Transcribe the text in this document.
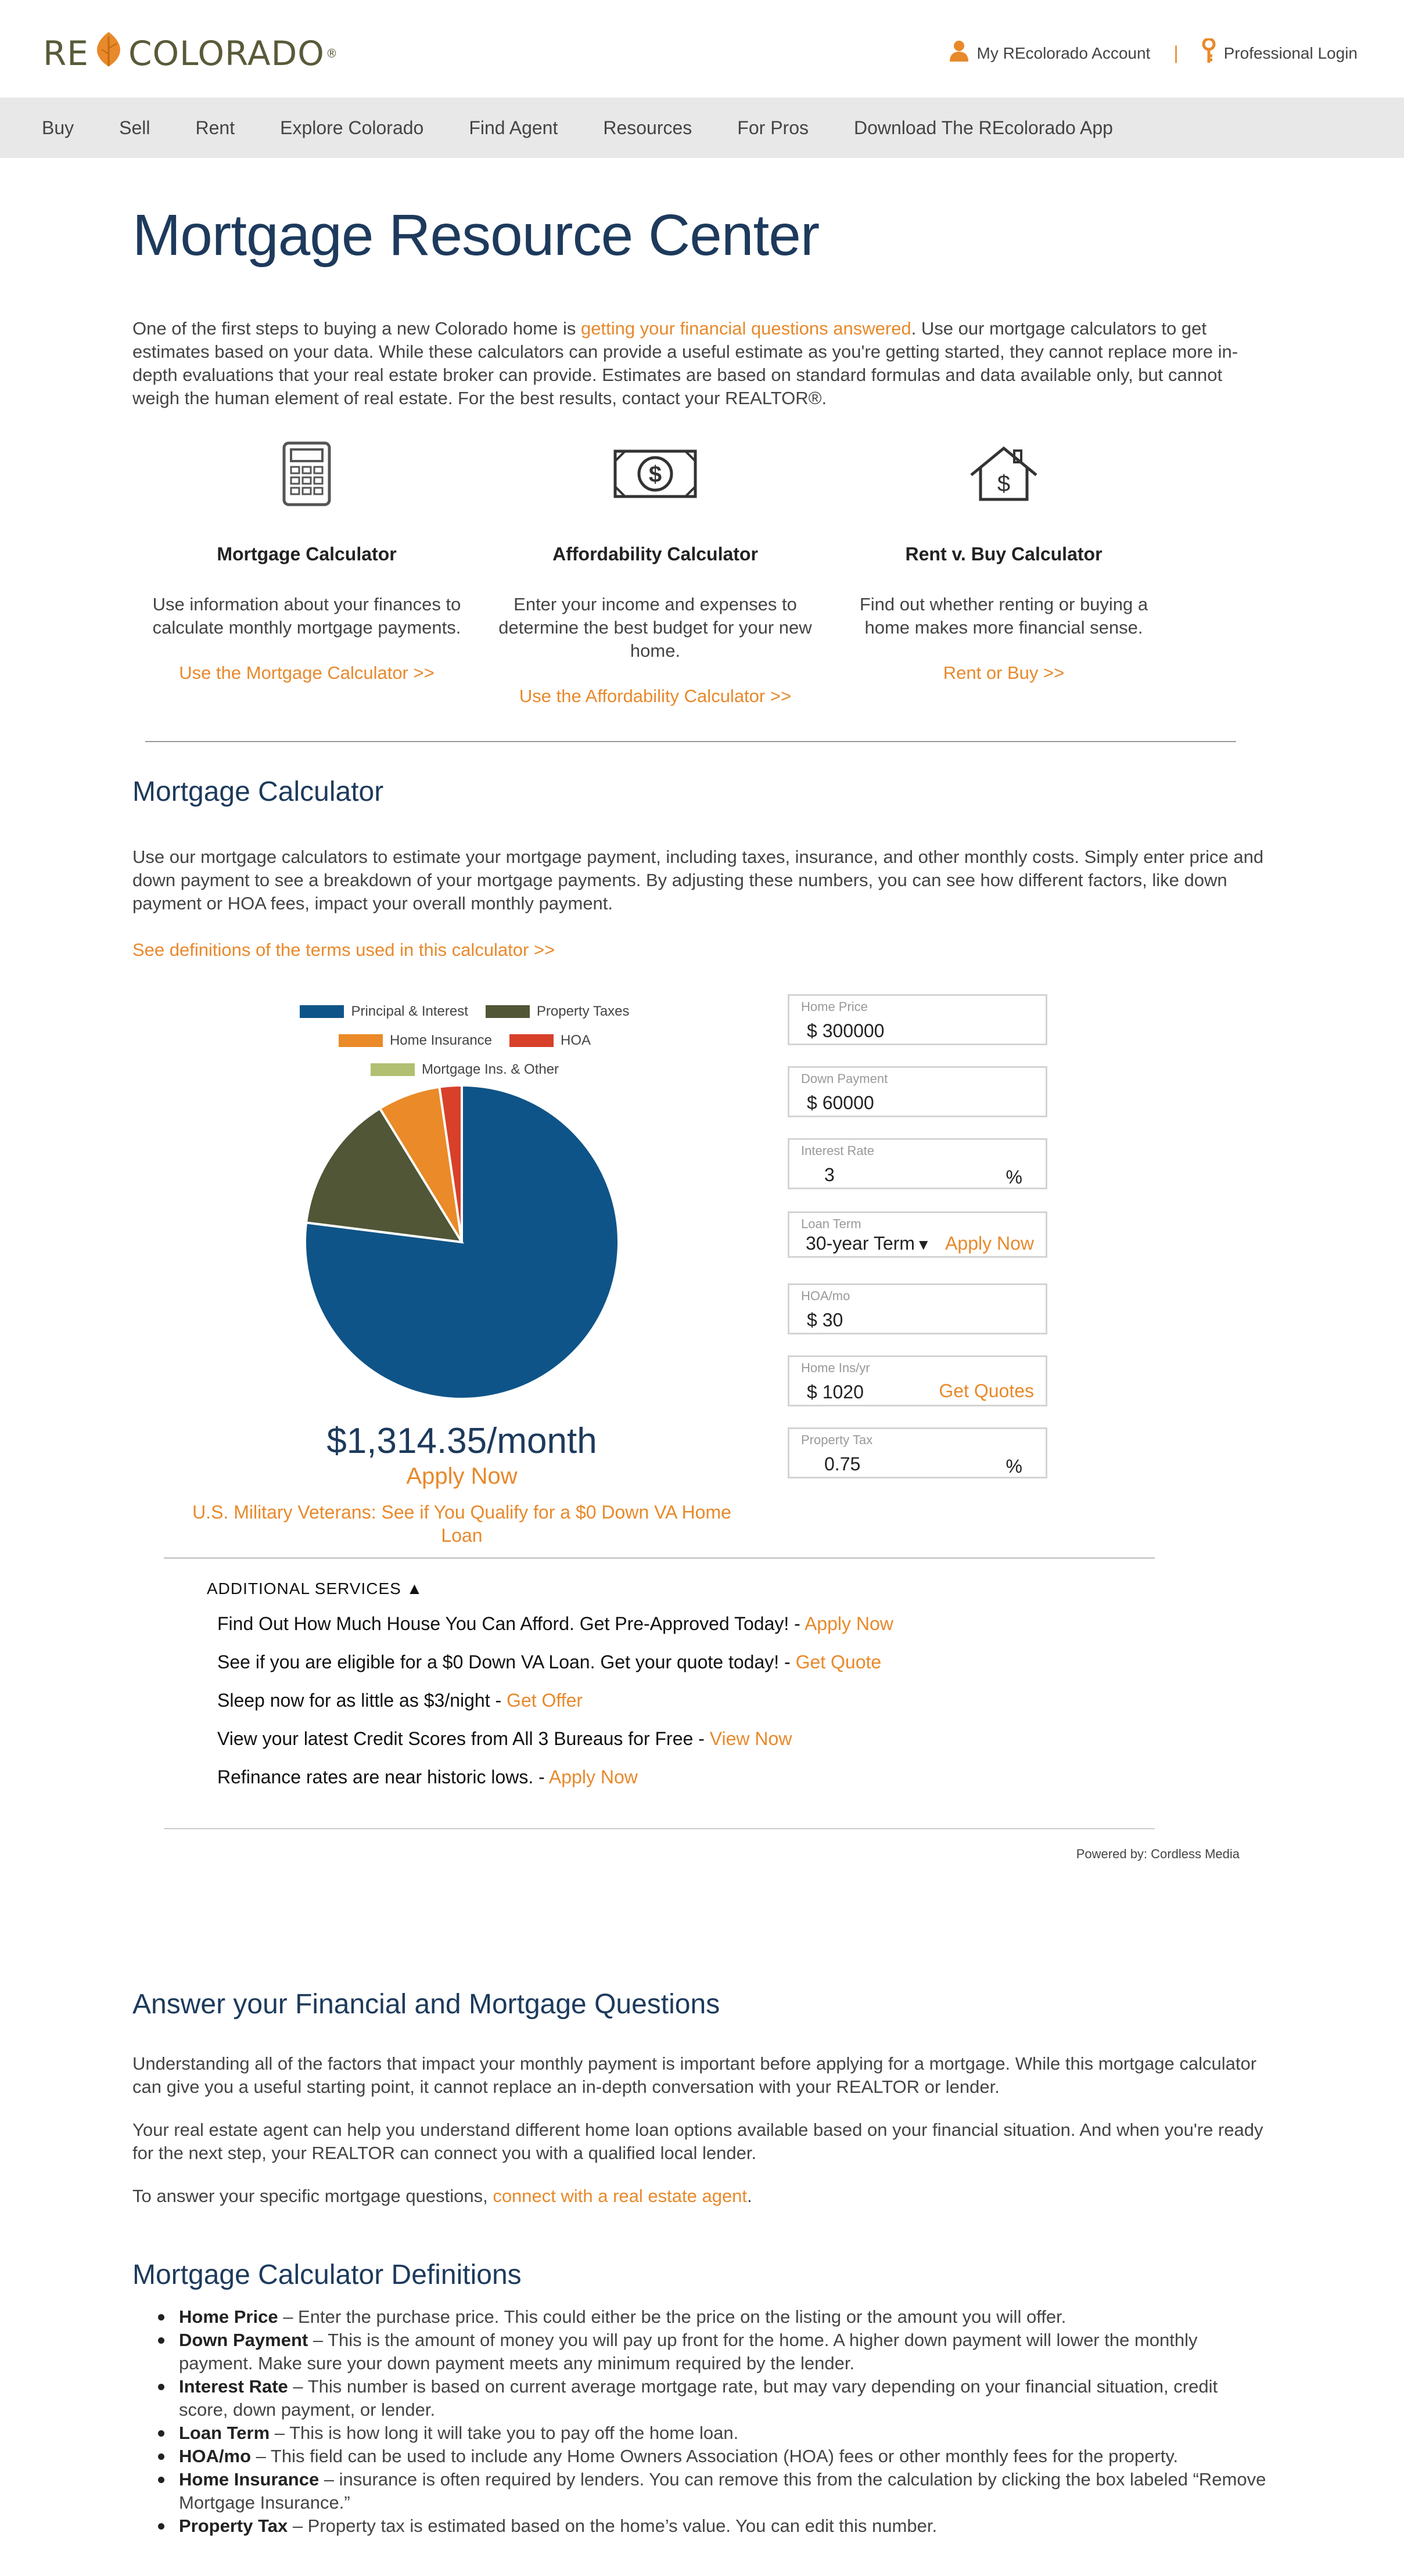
RE COLORADO ®	My REcolorado Account |	Professional Login
Buy Sell Rent Explore Colorado Find Agent Resources For Pros Download The REcolorado App
Mortgage Resource Center

One of the first steps to buying a new Colorado home is getting your financial questions answered. Use our mortgage calculators to get estimates based on your data. While these calculators can provide a useful estimate as you're getting started, they cannot replace more in-depth evaluations that your real estate broker can provide. Estimates are based on standard formulas and data available only, but cannot weigh the human element of real estate. For the best results, contact your REALTOR®.

Mortgage Calculator
Use information about your finances to calculate monthly mortgage payments.
Use the Mortgage Calculator >>
$
Affordability Calculator
Enter your income and expenses to determine the best budget for your new home.
Use the Affordability Calculator >>
$
Rent v. Buy Calculator
Find out whether renting or buying a home makes more financial sense.
Rent or Buy >>
Mortgage Calculator

Use our mortgage calculators to estimate your mortgage payment, including taxes, insurance, and other monthly costs. Simply enter price and down payment to see a breakdown of your mortgage payments. By adjusting these numbers, you can see how different factors, like down payment or HOA fees, impact your overall monthly payment.

See definitions of the terms used in this calculator >>
Principal & Interest	Property Taxes
Home Insurance	HOA
Mortgage Ins. & Other
$1,314.35/month
Apply Now
U.S. Military Veterans: See if You Qualify for a $0 Down VA Home Loan
Home Price
$ 300000
Down Payment
$ 60000
Interest Rate
3	%
Loan Term
30-year Term▼ Apply Now
HOA/mo
$ 30
Home Ins/yr
$ 1020	Get Quotes
Property Tax
0.75	%
ADDITIONAL SERVICES ▲
Find Out How Much House You Can Afford. Get Pre-Approved Today! - Apply Now
See if you are eligible for a $0 Down VA Loan. Get your quote today! - Get Quote
Sleep now for as little as $3/night - Get Offer
View your latest Credit Scores from All 3 Bureaus for Free - View Now
Refinance rates are near historic lows. - Apply Now
Powered by: Cordless Media
Answer your Financial and Mortgage Questions

Understanding all of the factors that impact your monthly payment is important before applying for a mortgage. While this mortgage calculator can give you a useful starting point, it cannot replace an in-depth conversation with your REALTOR or lender.

Your real estate agent can help you understand different home loan options available based on your financial situation. And when you're ready for the next step, your REALTOR can connect you with a qualified local lender.

To answer your specific mortgage questions, connect with a real estate agent.

Mortgage Calculator Definitions
Home Price – Enter the purchase price. This could either be the price on the listing or the amount you will offer.
Down Payment – This is the amount of money you will pay up front for the home. A higher down payment will lower the monthly payment. Make sure your down payment meets any minimum required by the lender.
Interest Rate – This number is based on current average mortgage rate, but may vary depending on your financial situation, credit score, down payment, or lender.
Loan Term – This is how long it will take you to pay off the home loan.
HOA/mo – This field can be used to include any Home Owners Association (HOA) fees or other monthly fees for the property.
Home Insurance – insurance is often required by lenders. You can remove this from the calculation by clicking the box labeled “Remove Mortgage Insurance.”
Property Tax – Property tax is estimated based on the home’s value. You can edit this number.
